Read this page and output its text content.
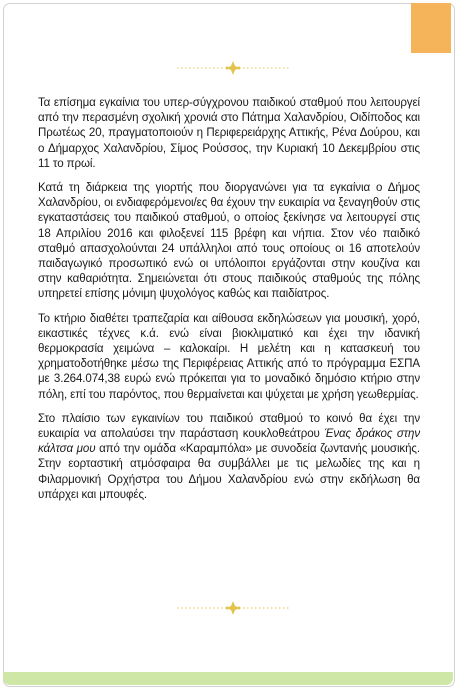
Τα επίσημα εγκαίνια του υπερ-σύγχρονου παιδικού σταθμού που λειτουργεί από την περασμένη σχολική χρονιά στο Πάτημα Χαλανδρίου, Οιδίποδος και Πρωτέως 20, πραγματοποιούν η Περιφερειάρχης Αττικής, Ρένα Δούρου, και ο Δήμαρχος Χαλανδρίου, Σίμος Ρούσσος, την Κυριακή 10 Δεκεμβρίου στις 11 το πρωί.

Κατά τη διάρκεια της γιορτής που διοργανώνει για τα εγκαίνια ο Δήμος Χαλανδρίου, οι ενδιαφερόμενοι/ες θα έχουν την ευκαιρία να ξεναγηθούν στις εγκαταστάσεις του παιδικού σταθμού, ο οποίος ξεκίνησε να λειτουργεί στις 18 Απριλίου 2016 και φιλοξενεί 115 βρέφη και νήπια. Στον νέο παιδικό σταθμό απασχολούνται 24 υπάλληλοι από τους οποίους οι 16 αποτελούν παιδαγωγικό προσωπικό ενώ οι υπόλοιποι εργάζονται στην κουζίνα και στην καθαριότητα. Σημειώνεται ότι στους παιδικούς σταθμούς της πόλης υπηρετεί επίσης μόνιμη ψυχολόγος καθώς και παιδίατρος.

Το κτήριο διαθέτει τραπεζαρία και αίθουσα εκδηλώσεων για μουσική, χορό, εικαστικές τέχνες κ.ά. ενώ είναι βιοκλιματικό και έχει την ιδανική θερμοκρασία χειμώνα – καλοκαίρι. Η μελέτη και η κατασκευή του χρηματοδοτήθηκε μέσω της Περιφέρειας Αττικής από το πρόγραμμα ΕΣΠΑ με 3.264.074,38 ευρώ ενώ πρόκειται για το μοναδικό δημόσιο κτήριο στην πόλη, επί του παρόντος, που θερμαίνεται και ψύχεται με χρήση γεωθερμίας.

Στο πλαίσιο των εγκαινίων του παιδικού σταθμού το κοινό θα έχει την ευκαιρία να απολαύσει την παράσταση κουκλοθεάτρου Ένας δράκος στην κάλτσα μου από την ομάδα «Καραμπόλα» με συνοδεία ζωντανής μουσικής. Στην εορταστική ατμόσφαιρα θα συμβάλλει με τις μελωδίες της και η Φιλαρμονική Ορχήστρα του Δήμου Χαλανδρίου ενώ στην εκδήλωση θα υπάρχει και μπουφές.
